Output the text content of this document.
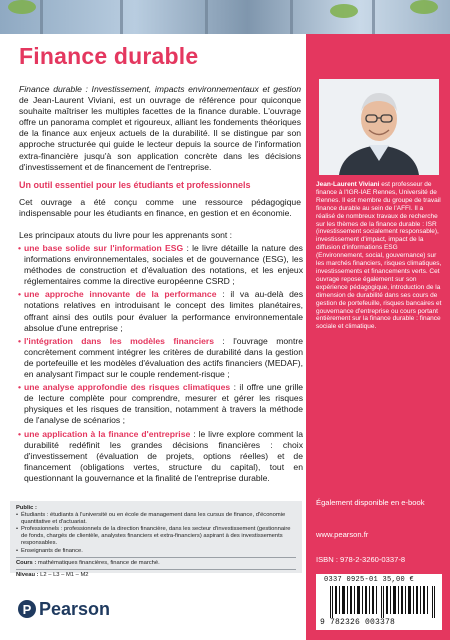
Finance durable

Finance durable : Investissement, impacts environnementaux et gestion de Jean-Laurent Viviani, est un ouvrage de référence pour quiconque souhaite maîtriser les multiples facettes de la finance durable. L'ouvrage offre un panorama complet et rigoureux, alliant les fondements théoriques de la finance aux enjeux actuels de la durabilité. Il se distingue par son approche structurée qui guide le lecteur depuis la source de l'information extra-financière jusqu'à son application concrète dans les décisions d'investissement et de financement de l'entreprise.

Un outil essentiel pour les étudiants et professionnels

Cet ouvrage a été conçu comme une ressource pédagogique indispensable pour les étudiants en finance, en gestion et en économie.

Les principaux atouts du livre pour les apprenants sont :

• une base solide sur l'information ESG : le livre détaille la nature des informations environnementales, sociales et de gouvernance (ESG), les méthodes de construction et d'évaluation des notations, et les enjeux réglementaires comme la directive européenne CSRD ;
• une approche innovante de la performance : il va au-delà des notations relatives en introduisant le concept des limites planétaires, offrant ainsi des outils pour évaluer la performance environnementale absolue d'une entreprise ;
• l'intégration dans les modèles financiers : l'ouvrage montre concrètement comment intégrer les critères de durabilité dans la gestion de portefeuille et les modèles d'évaluation des actifs financiers (MEDAF), en analysant l'impact sur le couple rendement-risque ;
• une analyse approfondie des risques climatiques : il offre une grille de lecture complète pour comprendre, mesurer et gérer les risques physiques et les risques de transition, notamment à travers la méthode de l'analyse de scénarios ;
• une application à la finance d'entreprise : le livre explore comment la durabilité redéfinit les grandes décisions financières : choix d'investissement (évaluation de projets, options réelles) et de financement (obligations vertes, structure du capital), tout en questionnant la gouvernance et la finalité de l'entreprise durable.
Public :
• Étudiants : étudiants à l'université ou en école de management dans les cursus de finance, d'économie quantitative et d'actuariat.
• Professionnels : professionnels de la direction financière, dans les secteur d'investissement (gestionnaire de fonds, chargés de clientèle, analystes financiers et extra-financiers) aspirant à des investissements responsables.
• Enseignants de finance.
Cours : mathématiques financières, finance de marché.
Niveau : L2 – L3 – M1 – M2
P Pearson

Jean-Laurent Viviani est professeur de finance à l'IGR-IAE Rennes, Université de Rennes. Il est membre du groupe de travail finance durable au sein de l'AFFI. Il a réalisé de nombreux travaux de recherche sur les thèmes de la finance durable : ISR (investissement socialement responsable), investissement d'impact, impact de la diffusion d'informations ESG (Environnement, social, gouvernance) sur les marchés financiers, risques climatiques, investissements et financements verts. Cet ouvrage repose également sur son expérience pédagogique, introduction de la dimension de durabilité dans ses cours de gestion de portefeuille, risques bancaires et gouvernance d'entreprise ou cours portant entièrement sur la finance durable : finance sociale et climatique.

Également disponible en e-book

www.pearson.fr

ISBN : 978-2-3260-0337-8

0337 0925-01 35,00 €
9 782326 003378
